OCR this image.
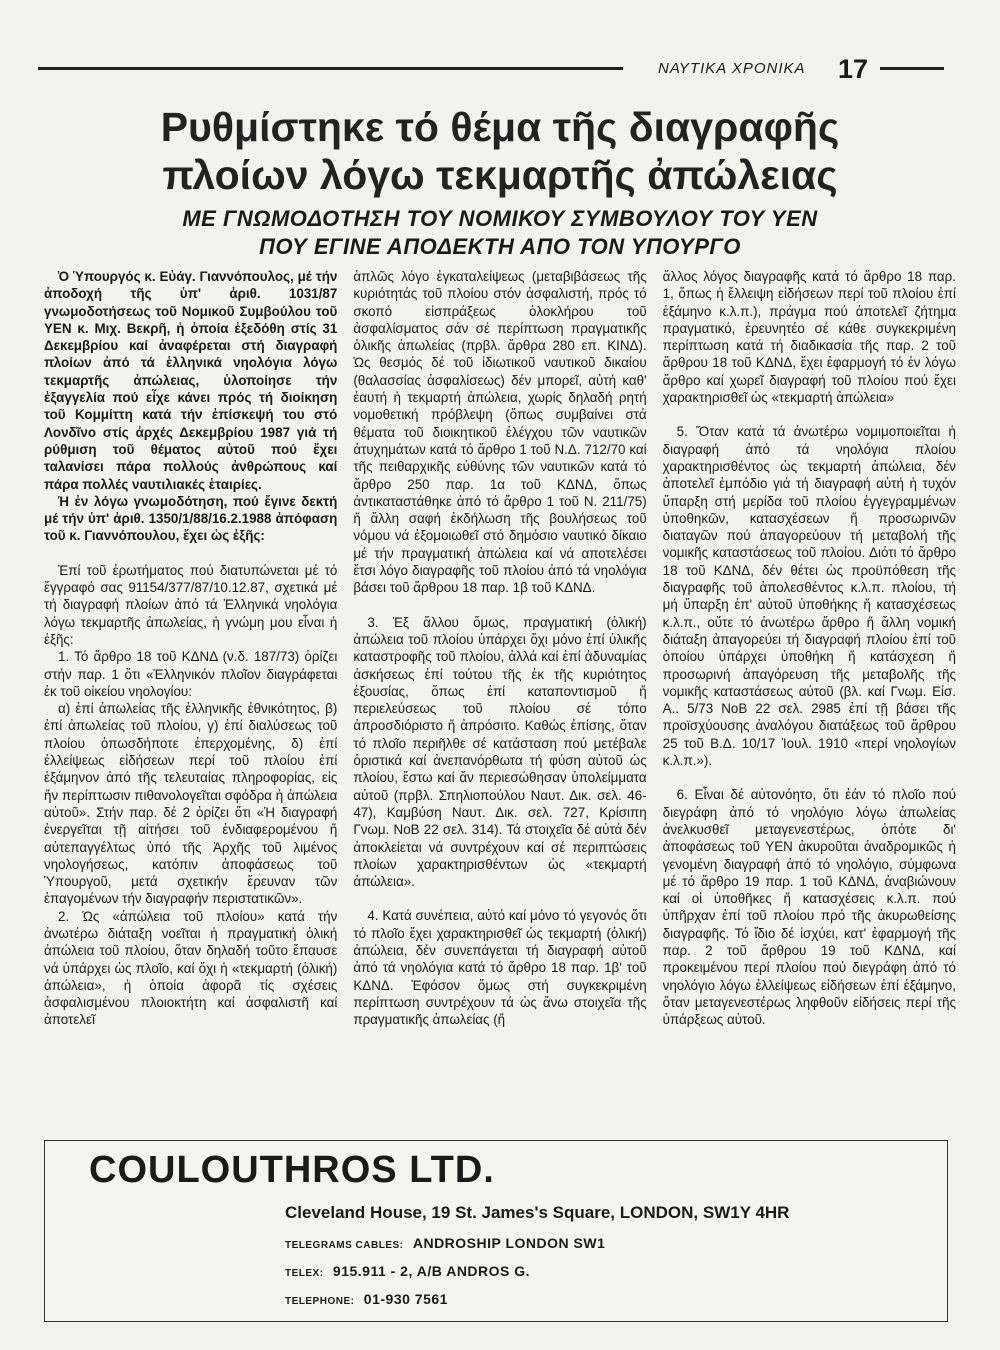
ΝΑΥΤΙΚΑ ΧΡΟΝΙΚΑ 17
Ρυθμίστηκε τό θέμα τῆς διαγραφῆς
πλοίων λόγω τεκμαρτῆς ἀπώλειας
ΜΕ ΓΝΩΜΟΔΟΤΗΣΗ ΤΟΥ ΝΟΜΙΚΟΥ ΣΥΜΒΟΥΛΟΥ ΤΟΥ ΥΕΝ
ΠΟΥ ΕΓΙΝΕ ΑΠΟΔΕΚΤΗ ΑΠΟ ΤΟΝ ΥΠΟΥΡΓΟ

Ὁ Ὑπουργός κ. Εὐάγ. Γιαννόπουλος, μέ τήν ἀποδοχή τῆς ὑπ' ἀριθ. 1031/87 γνωμοδοτήσεως τοῦ Νομικοῦ Συμβούλου τοῦ ΥΕΝ κ. Μιχ. Βεκρῆ, ἡ ὁποία ἐξεδόθη στίς 31 Δεκεμβρίου καί ἀναφέρεται στή διαγραφή πλοίων ἀπό τά ἑλληνικά νηολόγια λόγω τεκμαρτῆς ἀπώλειας, ὑλοποίησε τήν ἐξαγγελία πού εἶχε κάνει πρός τή διοίκηση τοῦ Κομμίττη κατά τήν ἐπίσκεψή του στό Λονδῖνο στίς ἀρχές Δεκεμβρίου 1987 γιά τή ρύθμιση τοῦ θέματος αὐτοῦ πού ἔχει ταλανίσει πάρα πολλούς ἀνθρώπους καί πάρα πολλές ναυτιλιακές ἑταιρίες.

Ἡ ἐν λόγω γνωμοδότηση, πού ἔγινε δεκτή μέ τήν ὑπ' ἀριθ. 1350/1/88/16.2.1988 ἀπόφαση τοῦ κ. Γιαννόπουλου, ἔχει ὡς ἐξῆς:

Ἐπί τοῦ ἐρωτήματος πού διατυπώνεται μέ τό ἔγγραφό σας 91154/377/87/10.12.87, σχετικά μέ τή διαγραφή πλοίων ἀπό τά Ἑλληνικά νηολόγια λόγω τεκμαρτῆς ἀπωλείας, ἡ γνώμη μου εἶναι ἡ ἑξῆς:

1. Τό ἄρθρο 18 τοῦ ΚΔΝΔ (ν.δ. 187/73) ὁρίζει στήν παρ. 1 ὅτι «Ἑλληνικόν πλοῖον διαγράφεται ἐκ τοῦ οἰκείου νηολογίου:

α) ἐπί ἀπωλείας τῆς ἑλληνικῆς ἐθνικότητος, β) ἐπί ἀπωλείας τοῦ πλοίου, γ) ἐπί διαλύσεως τοῦ πλοίου ὁπωσδήποτε ἐπερχομένης, δ) ἐπί ἐλλείψεως εἰδήσεων περί τοῦ πλοίου ἐπί ἑξάμηνον ἀπό τῆς τελευταίας πληροφορίας, εἰς ἥν περίπτωσιν πιθανολογεῖται σφόδρα ἡ ἀπώλεια αὐτοῦ». Στήν παρ. δέ 2 ὁρίζει ὅτι «Ἡ διαγραφή ἐνεργεῖται τῇ αἰτήσει τοῦ ἐνδιαφερομένου ἤ αὐτεπαγγέλτως ὑπό τῆς Ἀρχῆς τοῦ λιμένος νηολογήσεως, κατόπιν ἀποφάσεως τοῦ Ὑπουργοῦ, μετά σχετικήν ἔρευναν τῶν ἐπαγομένων τήν διαγραφήν περιστατικῶν».

2. Ὡς «ἀπώλεια τοῦ πλοίου» κατά τήν ἀνωτέρω διάταξη νοεῖται ἡ πραγματική ὁλική ἀπώλεια τοῦ πλοίου, ὅταν δηλαδή τοῦτο ἔπαυσε νά ὑπάρχει ὡς πλοῖο, καί ὄχι ἡ «τεκμαρτή (ὁλική) ἀπώλεια», ἡ ὁποία ἀφορᾶ τίς σχέσεις ἀσφαλισμένου πλοιοκτήτη καί ἀσφαλιστῆ καί ἀποτελεῖ

ἁπλῶς λόγο ἐγκαταλείψεως (μεταβιβάσεως τῆς κυριότητάς τοῦ πλοίου στόν ἀσφαλιστή, πρός τό σκοπό εἰσπράξεως ὁλοκλήρου τοῦ ἀσφαλίσματος σάν σέ περίπτωση πραγματικῆς ὁλικῆς ἀπωλείας (πρβλ. ἄρθρα 280 επ. ΚΙΝΔ). Ὡς θεσμός δέ τοῦ ἰδιωτικοῦ ναυτικοῦ δικαίου (θαλασσίας ἀσφαλίσεως) δέν μπορεῖ, αὐτή καθ' ἑαυτή ἡ τεκμαρτή ἀπώλεια, χωρίς δηλαδή ρητή νομοθετική πρόβλεψη (ὅπως συμβαίνει στά θέματα τοῦ διοικητικοῦ ἐλέγχου τῶν ναυτικῶν ἀτυχημάτων κατά τό ἄρθρο 1 τοῦ Ν.Δ. 712/70 καί τῆς πειθαρχικῆς εὐθύνης τῶν ναυτικῶν κατά τό ἄρθρο 250 παρ. 1α τοῦ ΚΔΝΔ, ὅπως ἀντικαταστάθηκε ἀπό τό ἄρθρο 1 τοῦ Ν. 211/75) ἤ ἄλλη σαφή ἐκδήλωση τῆς βουλήσεως τοῦ νόμου νά ἐξομοιωθεῖ στό δημόσιο ναυτικό δίκαιο μέ τήν πραγματική ἀπώλεια καί νά αποτελέσει ἔτσι λόγο διαγραφῆς τοῦ πλοίου ἀπό τά νηολόγια βάσει τοῦ ἄρθρου 18 παρ. 1β τοῦ ΚΔΝΔ.

3. Ἐξ ἄλλου ὅμως, πραγματική (ὁλική) ἀπώλεια τοῦ πλοίου ὑπάρχει ὄχι μόνο ἐπί ὑλικῆς καταστροφῆς τοῦ πλοίου, ἀλλά καί ἐπί ἀδυναμίας ἀσκήσεως ἐπί τούτου τῆς ἐκ τῆς κυριότητος ἐξουσίας, ὅπως ἐπί καταποντισμοῦ ἤ περιελεύσεως τοῦ πλοίου σέ τόπο ἀπροσδιόριστο ἤ ἀπρόσιτο. Καθώς ἐπίσης, ὅταν τό πλοῖο περιῆλθε σέ κατάσταση πού μετέβαλε ὁριστικά καί ἀνεπανόρθωτα τή φύση αὐτοῦ ὡς πλοίου, ἔστω καί ἄν περιεσώθησαν ὑπολείμματα αὐτοῦ (πρβλ. Σπηλιοπούλου Ναυτ. Δικ. σελ. 46-47), Καμβύση Ναυτ. Δικ. σελ. 727, Κρίσιπη Γνωμ. ΝοΒ 22 σελ. 314). Τά στοιχεῖα δέ αὐτά δέν ἀποκλείεται νά συντρέχουν καί σέ περιπτώσεις πλοίων χαρακτηρισθέντων ὡς «τεκμαρτή ἀπώλεια».

4. Κατά συνέπεια, αὐτό καί μόνο τό γεγονός ὅτι τό πλοῖο ἔχει χαρακτηρισθεῖ ὡς τεκμαρτή (ὁλική) ἀπώλεια, δέν συνεπάγεται τή διαγραφή αὐτοῦ ἀπό τά νηολόγια κατά τό ἄρθρο 18 παρ. 1β' τοῦ ΚΔΝΔ. Ἐφόσον ὅμως στή συγκεκριμένη περίπτωση συντρέχουν τά ὡς ἄνω στοιχεῖα τῆς πραγματικῆς ἀπωλείας (ἤ

ἄλλος λόγος διαγραφῆς κατά τό ἄρθρο 18 παρ. 1, ὅπως ἡ ἔλλειψη εἰδήσεων περί τοῦ πλοίου ἐπί ἑξάμηνο κ.λ.π.), πράγμα πού ἀποτελεῖ ζήτημα πραγματικό, ἐρευνητέο σέ κάθε συγκεκριμένη περίπτωση κατά τή διαδικασία τῆς παρ. 2 τοῦ ἄρθρου 18 τοῦ ΚΔΝΔ, ἔχει ἐφαρμογή τό ἐν λόγω ἄρθρο καί χωρεῖ διαγραφή τοῦ πλοίου πού ἔχει χαρακτηρισθεῖ ὡς «τεκμαρτή ἀπώλεια»

5. Ὅταν κατά τά ἀνωτέρω νομιμοποιεῖται ἡ διαγραφή ἀπό τά νηολόγια πλοίου χαρακτηρισθέντος ὡς τεκμαρτή ἀπώλεια, δέν ἀποτελεῖ ἐμπόδιο γιά τή διαγραφή αὐτή ἡ τυχόν ὕπαρξη στή μερίδα τοῦ πλοίου ἐγγεγραμμένων ὑποθηκῶν, κατασχέσεων ἤ προσωρινῶν διαταγῶν πού ἀπαγορεύουν τή μεταβολή τῆς νομικῆς καταστάσεως τοῦ πλοίου. Διότι τό ἄρθρο 18 τοῦ ΚΔΝΔ, δέν θέτει ὡς προϋπόθεση τῆς διαγραφῆς τοῦ ἀπολεσθέντος κ.λ.π. πλοίου, τή μή ὕπαρξη ἐπ' αὐτοῦ ὑποθήκης ἤ κατασχέσεως κ.λ.π., οὔτε τό ἀνωτέρω ἄρθρο ἤ ἄλλη νομική διάταξη ἀπαγορεύει τή διαγραφή πλοίου ἐπί τοῦ ὁποίου ὑπάρχει ὑποθήκη ἤ κατάσχεση ἤ προσωρινή ἀπαγόρευση τῆς μεταβολῆς τῆς νομικῆς καταστάσεως αὐτοῦ (βλ. καί Γνωμ. Εἰσ. Α.. 5/73 ΝοΒ 22 σελ. 2985 ἐπί τῇ βάσει τῆς προϊσχύουσης ἀναλόγου διατάξεως τοῦ ἄρθρου 25 τοῦ Β.Δ. 10/17 Ἰουλ. 1910 «περί νηολογίων κ.λ.π.»).

6. Εἶναι δέ αὐτονόητο, ὅτι ἐάν τό πλοῖο πού διεγράφη ἀπό τό νηολόγιο λόγω ἀπωλείας ἀνελκυσθεῖ μεταγενεστέρως, ὁπότε δι' ἀποφάσεως τοῦ ΥΕΝ ἀκυροῦται ἀναδρομικῶς ἡ γενομένη διαγραφή ἀπό τό νηολόγιο, σύμφωνα μέ τό ἄρθρο 19 παρ. 1 τοῦ ΚΔΝΔ, ἀναβιώνουν καί οἱ ὑποθῆκες ἤ κατασχέσεις κ.λ.π. πού ὑπῆρχαν ἐπί τοῦ πλοίου πρό τῆς ἀκυρωθείσης διαγραφῆς. Τό ἴδιο δέ ἰσχύει, κατ' ἐφαρμογή τῆς παρ. 2 τοῦ ἄρθρου 19 τοῦ ΚΔΝΔ, καί προκειμένου περί πλοίου πού διεγράφη ἀπό τό νηολόγιο λόγω ἐλλείψεως εἰδήσεων ἐπί ἑξάμηνο, ὅταν μεταγενεστέρως ληφθοῦν εἰδήσεις περί τῆς ὑπάρξεως αὐτοῦ.

COULOUTHROS LTD.
Cleveland House, 19 St. James's Square, LONDON, SW1Y 4HR
TELEGRAMS CABLES: ANDROSHIP LONDON SW1
TELEX: 915.911 - 2, A/B ANDROS G.
TELEPHONE: 01-930 7561
